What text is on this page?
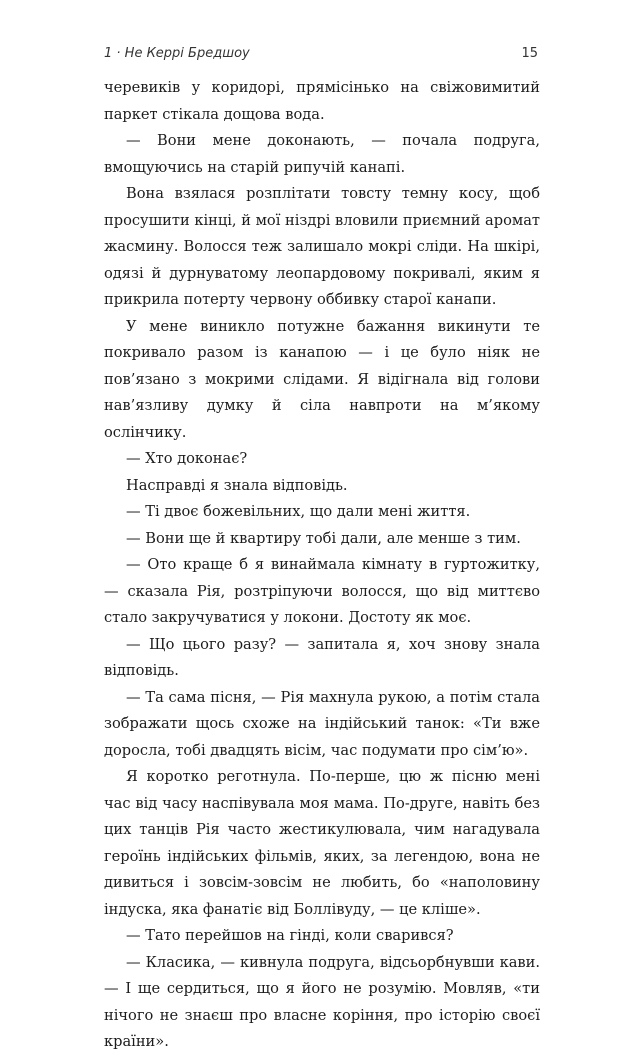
1 · Не Керрі Бредшоу	15

черевиків у коридорі, прямісінько на свіжовимитий паркет стікала дощова вода.

— Вони мене доконають, — почала подруга, вмощуючись на старій рипучій канапі.

Вона взялася розплітати товсту темну косу, щоб просушити кінці, й мої ніздрі вловили приємний аромат жасмину. Волосся теж залишало мокрі сліди. На шкірі, одязі й дурнуватому леопардовому покривалі, яким я прикрила потерту червону оббивку старої канапи.

У мене виникло потужне бажання викинути те покривало разом із канапою — і це було ніяк не пов’язано з мокрими слідами. Я відігнала від голови нав’язливу думку й сіла навпроти на м’якому ослінчику.

— Хто доконає?

Насправді я знала відповідь.

— Ті двоє божевільних, що дали мені життя.

— Вони ще й квартиру тобі дали, але менше з тим.

— Ото краще б я винаймала кімнату в гуртожитку, — сказала Рія, розтріпуючи волосся, що від миттєво стало закручуватися у локони. Достоту як моє.

— Що цього разу? — запитала я, хоч знову знала відповідь.

— Та сама пісня, — Рія махнула рукою, а потім стала зображати щось схоже на індійський танок: «Ти вже доросла, тобі двадцять вісім, час подумати про сім’ю».

Я коротко реготнула. По-перше, цю ж пісню мені час від часу наспівувала моя мама. По-друге, навіть без цих танців Рія часто жестикулювала, чим нагадувала героїнь індійських фільмів, яких, за легендою, вона не дивиться і зовсім-зовсім не любить, бо «наполовину індуска, яка фанатіє від Боллівуду, — це кліше».

— Тато перейшов на гінді, коли сварився?

— Класика, — кивнула подруга, відсьорбнувши кави. — І ще сердиться, що я його не розумію. Мовляв, «ти нічого не знаєш про власне коріння, про історію своєї країни».
